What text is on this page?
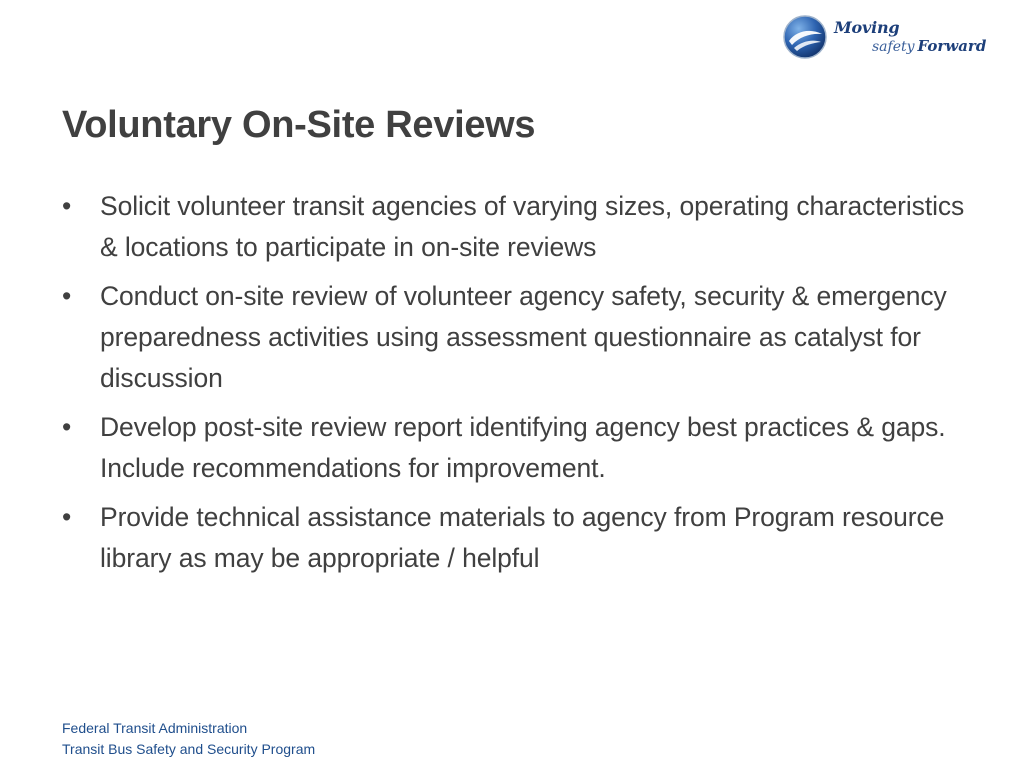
Moving
safety Forward
Voluntary On-Site Reviews
•	Solicit volunteer transit agencies of varying sizes, operating characteristics & locations to participate in on-site reviews
•	Conduct on-site review of volunteer agency safety, security & emergency preparedness activities using assessment questionnaire as catalyst for discussion
•	Develop post-site review report identifying agency best practices & gaps. Include recommendations for improvement.
•	Provide technical assistance materials to agency from Program resource library as may be appropriate / helpful
Federal Transit Administration
Transit Bus Safety and Security Program
